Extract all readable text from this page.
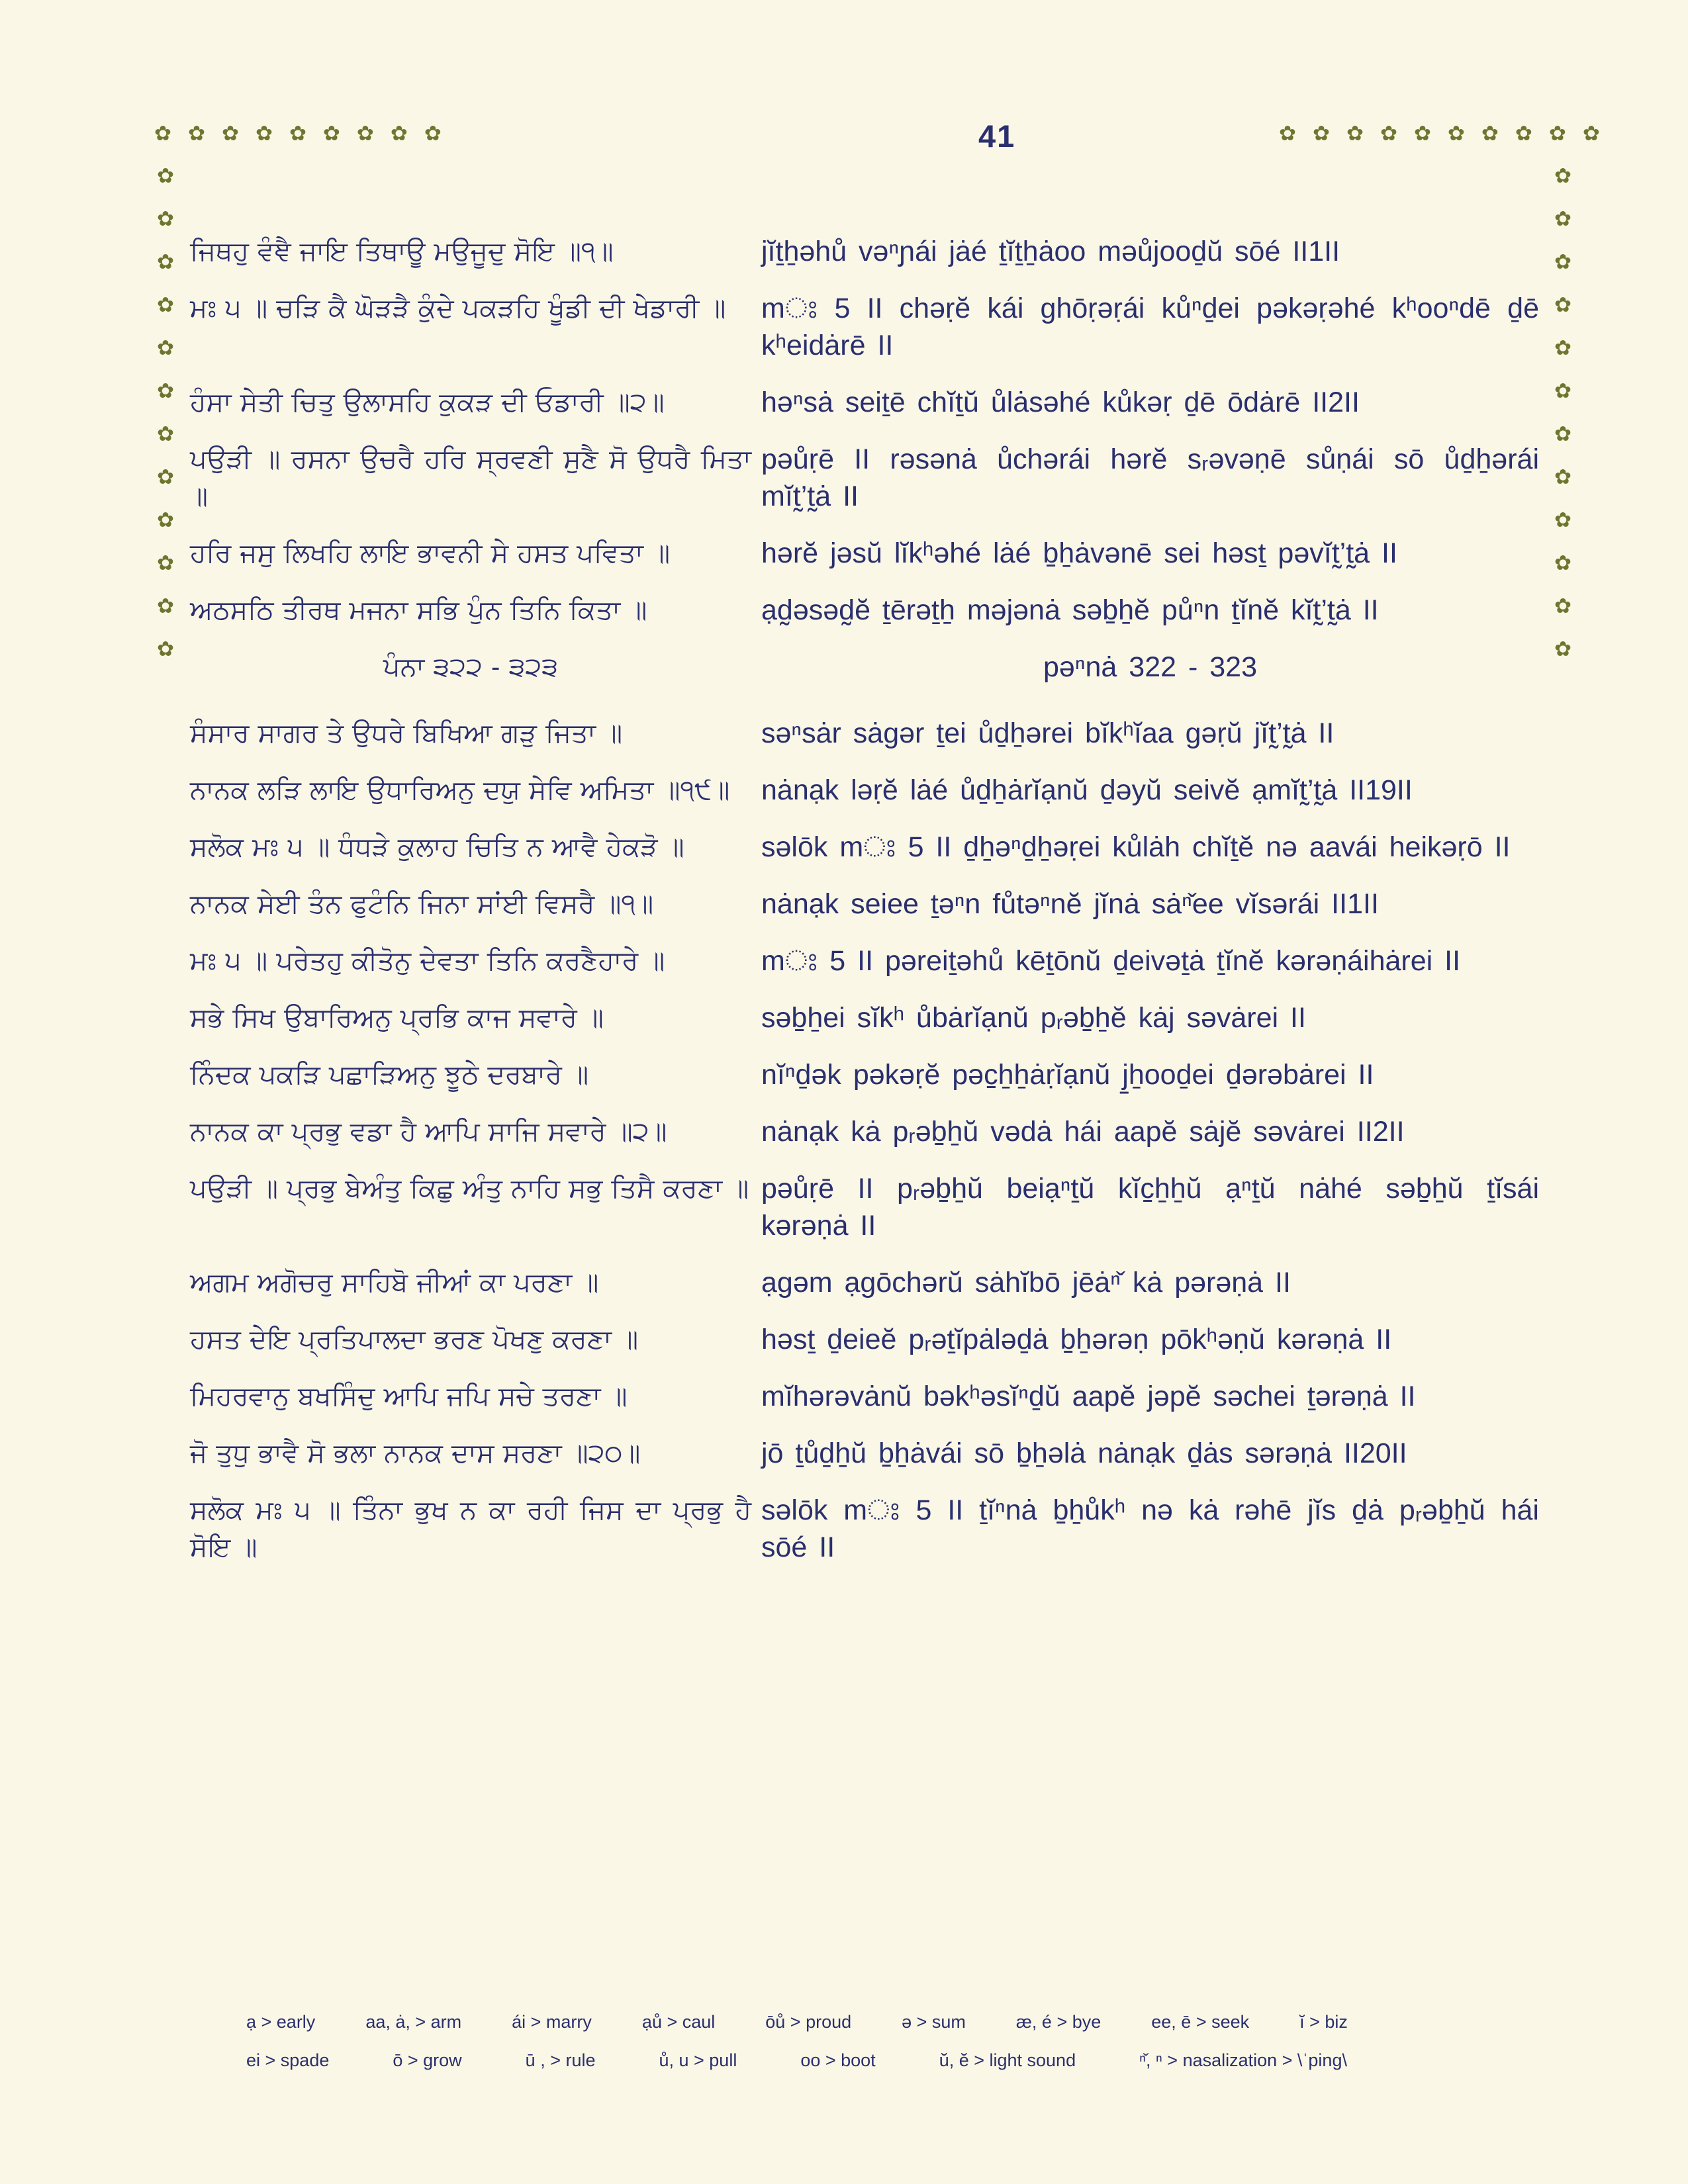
41
✿ ✿ ✿ ✿ ✿ ✿ ✿ ✿ ✿	✿ ✿ ✿ ✿ ✿ ✿ ✿ ✿ ✿ ✿
✿
✿
✿
✿
✿
✿
✿
✿
✿
✿
✿
✿
✿
✿
✿
✿
✿
✿
✿
✿
✿
✿
✿
✿
ਜਿਥਹੁ ਵੰਞੈ ਜਾਇ ਤਿਥਾਊ ਮਉਜੂਦੁ ਸੋਇ ॥੧॥	jĭṯẖəhů vəⁿɲái jȧé ṯĭṯẖȧoo məůjooḏŭ sōé II1II
ਮਃ ੫ ॥ ਚੜਿ ਕੈ ਘੋੜੜੈ ਕੁੰਦੇ ਪਕੜਹਿ ਖੂੰਡੀ ਦੀ ਖੇਡਾਰੀ ॥	mਃ 5 II chəṛĕ kái ghōṛəṛái kůⁿḏei pəkəṛəhé kʰooⁿdē ḏē kʰeidȧrē II
ਹੰਸਾ ਸੇਤੀ ਚਿਤੁ ਉਲਾਸਹਿ ਕੁਕੜ ਦੀ ਓਡਾਰੀ ॥੨॥	həⁿsȧ seiṯē chĭṯŭ ůlȧsəhé kůkəṛ ḏē ōdȧrē II2II
ਪਉੜੀ ॥ ਰਸਨਾ ਉਚਰੈ ਹਰਿ ਸ੍ਰਵਣੀ ਸੁਣੈ ਸੋ ਉਧਰੈ ਮਿਤਾ ॥
pəůṛē II rəsənȧ ůchərái hərĕ sᵣəvəṇē sůṇái sō ůḏẖərái mĭt̰’t̰ȧ II
ਹਰਿ ਜਸੁ ਲਿਖਹਿ ਲਾਇ ਭਾਵਨੀ ਸੇ ਹਸਤ ਪਵਿਤਾ ॥	hərĕ jəsŭ lĭkʰəhé lȧé b̠ẖȧvənē sei həsṯ pəvĭt̰’t̰ȧ II
ਅਠਸਠਿ ਤੀਰਥ ਮਜਨਾ ਸਭਿ ਪੁੰਨ ਤਿਨਿ ਕਿਤਾ ॥	ạd̰əsəd̰ĕ ṯērəṯẖ məjənȧ səb̠ẖĕ půⁿn ṯĭnĕ kĭt̰’t̰ȧ II
ਪੰਨਾ ੩੨੨ - ੩੨੩	pəⁿnȧ 322 - 323
ਸੰਸਾਰ ਸਾਗਰ ਤੇ ਉਧਰੇ ਬਿਖਿਆ ਗੜੁ ਜਿਤਾ ॥	səⁿsȧr sȧgər ṯei ůḏẖərei bĭkʰĭaa gəṛŭ jĭt̰’t̰ȧ II
ਨਾਨਕ ਲੜਿ ਲਾਇ ਉਧਾਰਿਅਨੁ ਦਯੁ ਸੇਵਿ ਅਮਿਤਾ ॥੧੯॥	nȧnạk ləṛĕ lȧé ůḏẖȧrĭạnŭ ḏəyŭ seivĕ ạmĭt̰’t̰ȧ II19II
ਸਲੋਕ ਮਃ ੫ ॥ ਧੰਧੜੇ ਕੁਲਾਹ ਚਿਤਿ ਨ ਆਵੈ ਹੇਕੜੋ ॥	səlōk mਃ 5 II ḏẖəⁿḏẖəṛei kůlȧh chĭṯĕ nə aavái heikəṛō II
ਨਾਨਕ ਸੇਈ ਤੰਨ ਫੁਟੰਨਿ ਜਿਨਾ ਸਾਂਈ ਵਿਸਰੈ ॥੧॥	nȧnạk seiee ṯəⁿn fůtəⁿnĕ jĭnȧ sȧⁿ̌ee vĭsərái II1II
ਮਃ ੫ ॥ ਪਰੇਤਹੁ ਕੀਤੋਨੁ ਦੇਵਤਾ ਤਿਨਿ ਕਰਣੈਹਾਰੇ ॥	mਃ 5 II pəreiṯəhů kēṯōnŭ ḏeivəṯȧ ṯĭnĕ kərəṇáihȧrei II
ਸਭੇ ਸਿਖ ਉਬਾਰਿਅਨੁ ਪ੍ਰਭਿ ਕਾਜ ਸਵਾਰੇ ॥	səb̠ẖei sĭkʰ ůbȧrĭạnŭ pᵣəb̠ẖĕ kȧj səvȧrei II
ਨਿੰਦਕ ਪਕੜਿ ਪਛਾੜਿਅਨੁ ਝੂਠੇ ਦਰਬਾਰੇ ॥	nĭⁿḏək pəkəṛĕ pəc̠ẖẖȧṛĭạnŭ j̠ẖooḏei ḏərəbȧrei II
ਨਾਨਕ ਕਾ ਪ੍ਰਭੁ ਵਡਾ ਹੈ ਆਪਿ ਸਾਜਿ ਸਵਾਰੇ ॥੨॥	nȧnạk kȧ pᵣəb̠ẖŭ vədȧ hái aapĕ sȧjĕ səvȧrei II2II
ਪਉੜੀ ॥ ਪ੍ਰਭੁ ਬੇਅੰਤੁ ਕਿਛੁ ਅੰਤੁ ਨਾਹਿ ਸਭੁ ਤਿਸੈ ਕਰਣਾ ॥ pəůṛē II pᵣəb̠ẖŭ beiạⁿṯŭ kĭc̠ẖẖŭ ạⁿṯŭ nȧhé səb̠ẖŭ ṯĭsái kərəṇȧ II
ਅਗਮ ਅਗੋਚਰੁ ਸਾਹਿਬੋ ਜੀਆਂ ਕਾ ਪਰਣਾ ॥	ạgəm ạgōchərŭ sȧhĭbō jēȧⁿ̌ kȧ pərəṇȧ II
ਹਸਤ ਦੇਇ ਪ੍ਰਤਿਪਾਲਦਾ ਭਰਣ ਪੋਖਣੁ ਕਰਣਾ ॥	həsṯ ḏeieĕ pᵣəṯĭpȧləḏȧ b̠ẖərəṇ pōkʰəṇŭ kərəṇȧ II
ਮਿਹਰਵਾਨੁ ਬਖਸਿੰਦੁ ਆਪਿ ਜਪਿ ਸਚੇ ਤਰਣਾ ॥	mĭhərəvȧnŭ bəkʰəsĭⁿḏŭ aapĕ jəpĕ səchei ṯərəṇȧ II
ਜੋ ਤੁਧੁ ਭਾਵੈ ਸੋ ਭਲਾ ਨਾਨਕ ਦਾਸ ਸਰਣਾ ॥੨੦॥	jō ṯůḏẖŭ b̠ẖȧvái sō b̠ẖəlȧ nȧnạk ḏȧs sərəṇȧ II20II
ਸਲੋਕ ਮਃ ੫ ॥ ਤਿੰਨਾ ਭੁਖ ਨ ਕਾ ਰਹੀ ਜਿਸ ਦਾ ਪ੍ਰਭੁ ਹੈ ਸੋਇ ॥
səlōk mਃ 5 II ṯĭⁿnȧ b̠ẖůkʰ nə kȧ rəhē jĭs ḏȧ pᵣəb̠ẖŭ hái sōé II
ạ > early	aa, ȧ, > arm	ái > marry	ạů > caul	ōů > proud	ə > sum	æ, é > bye	ee, ē > seek	ĭ > biz
ei > spade	ō > grow	ū , > rule	ů, u > pull	oo > boot	ŭ, ĕ > light sound	ⁿ̌, ⁿ > nasalization > \ˈping\
